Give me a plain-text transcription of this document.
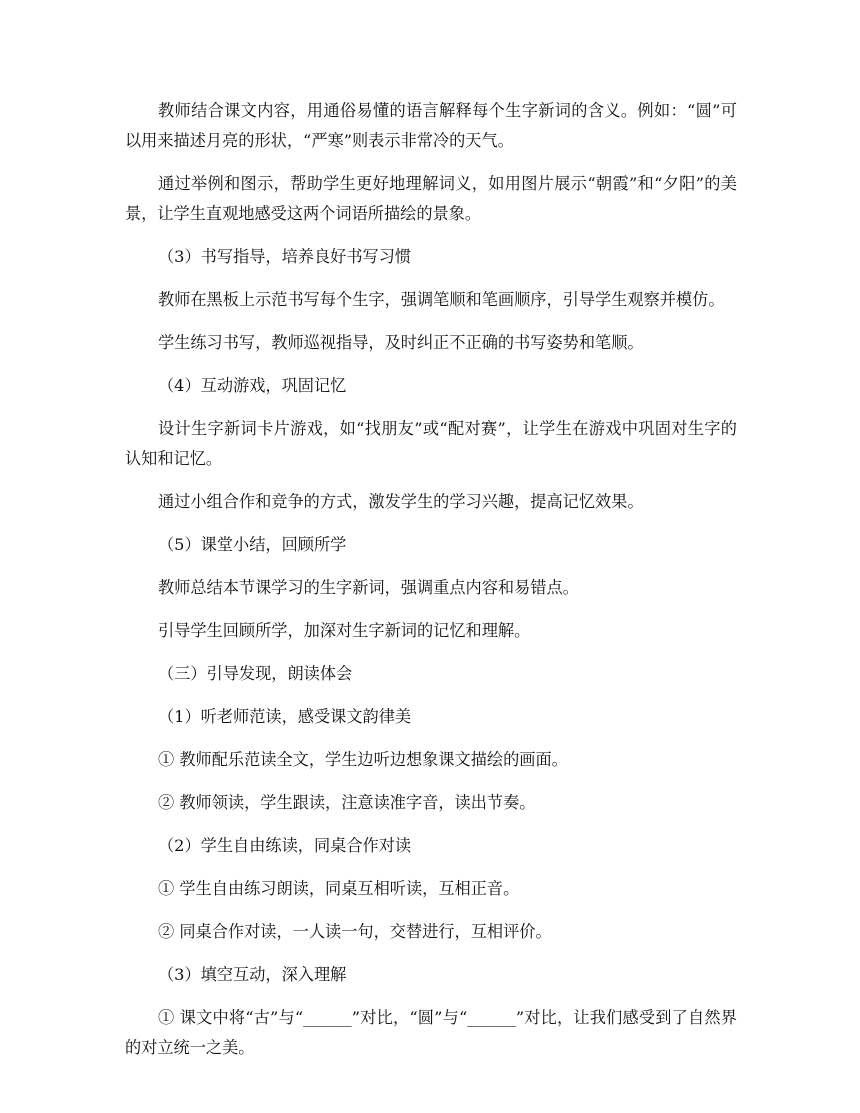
教师结合课文内容，用通俗易懂的语言解释每个生字新词的含义。例如：“圆”可以用来描述月亮的形状，“严寒”则表示非常冷的天气。

通过举例和图示，帮助学生更好地理解词义，如用图片展示“朝霞”和“夕阳”的美景，让学生直观地感受这两个词语所描绘的景象。

（3）书写指导，培养良好书写习惯

教师在黑板上示范书写每个生字，强调笔顺和笔画顺序，引导学生观察并模仿。

学生练习书写，教师巡视指导，及时纠正不正确的书写姿势和笔顺。

（4）互动游戏，巩固记忆

设计生字新词卡片游戏，如“找朋友”或“配对赛”，让学生在游戏中巩固对生字的认知和记忆。

通过小组合作和竞争的方式，激发学生的学习兴趣，提高记忆效果。

（5）课堂小结，回顾所学

教师总结本节课学习的生字新词，强调重点内容和易错点。

引导学生回顾所学，加深对生字新词的记忆和理解。

（三）引导发现，朗读体会

（1）听老师范读，感受课文韵律美

① 教师配乐范读全文，学生边听边想象课文描绘的画面。

② 教师领读，学生跟读，注意读准字音，读出节奏。

（2）学生自由练读，同桌合作对读

① 学生自由练习朗读，同桌互相听读，互相正音。

② 同桌合作对读，一人读一句，交替进行，互相评价。

（3）填空互动，深入理解

① 课文中将“古”与“______”对比，“圆”与“______”对比，让我们感受到了自然界的对立统一之美。
